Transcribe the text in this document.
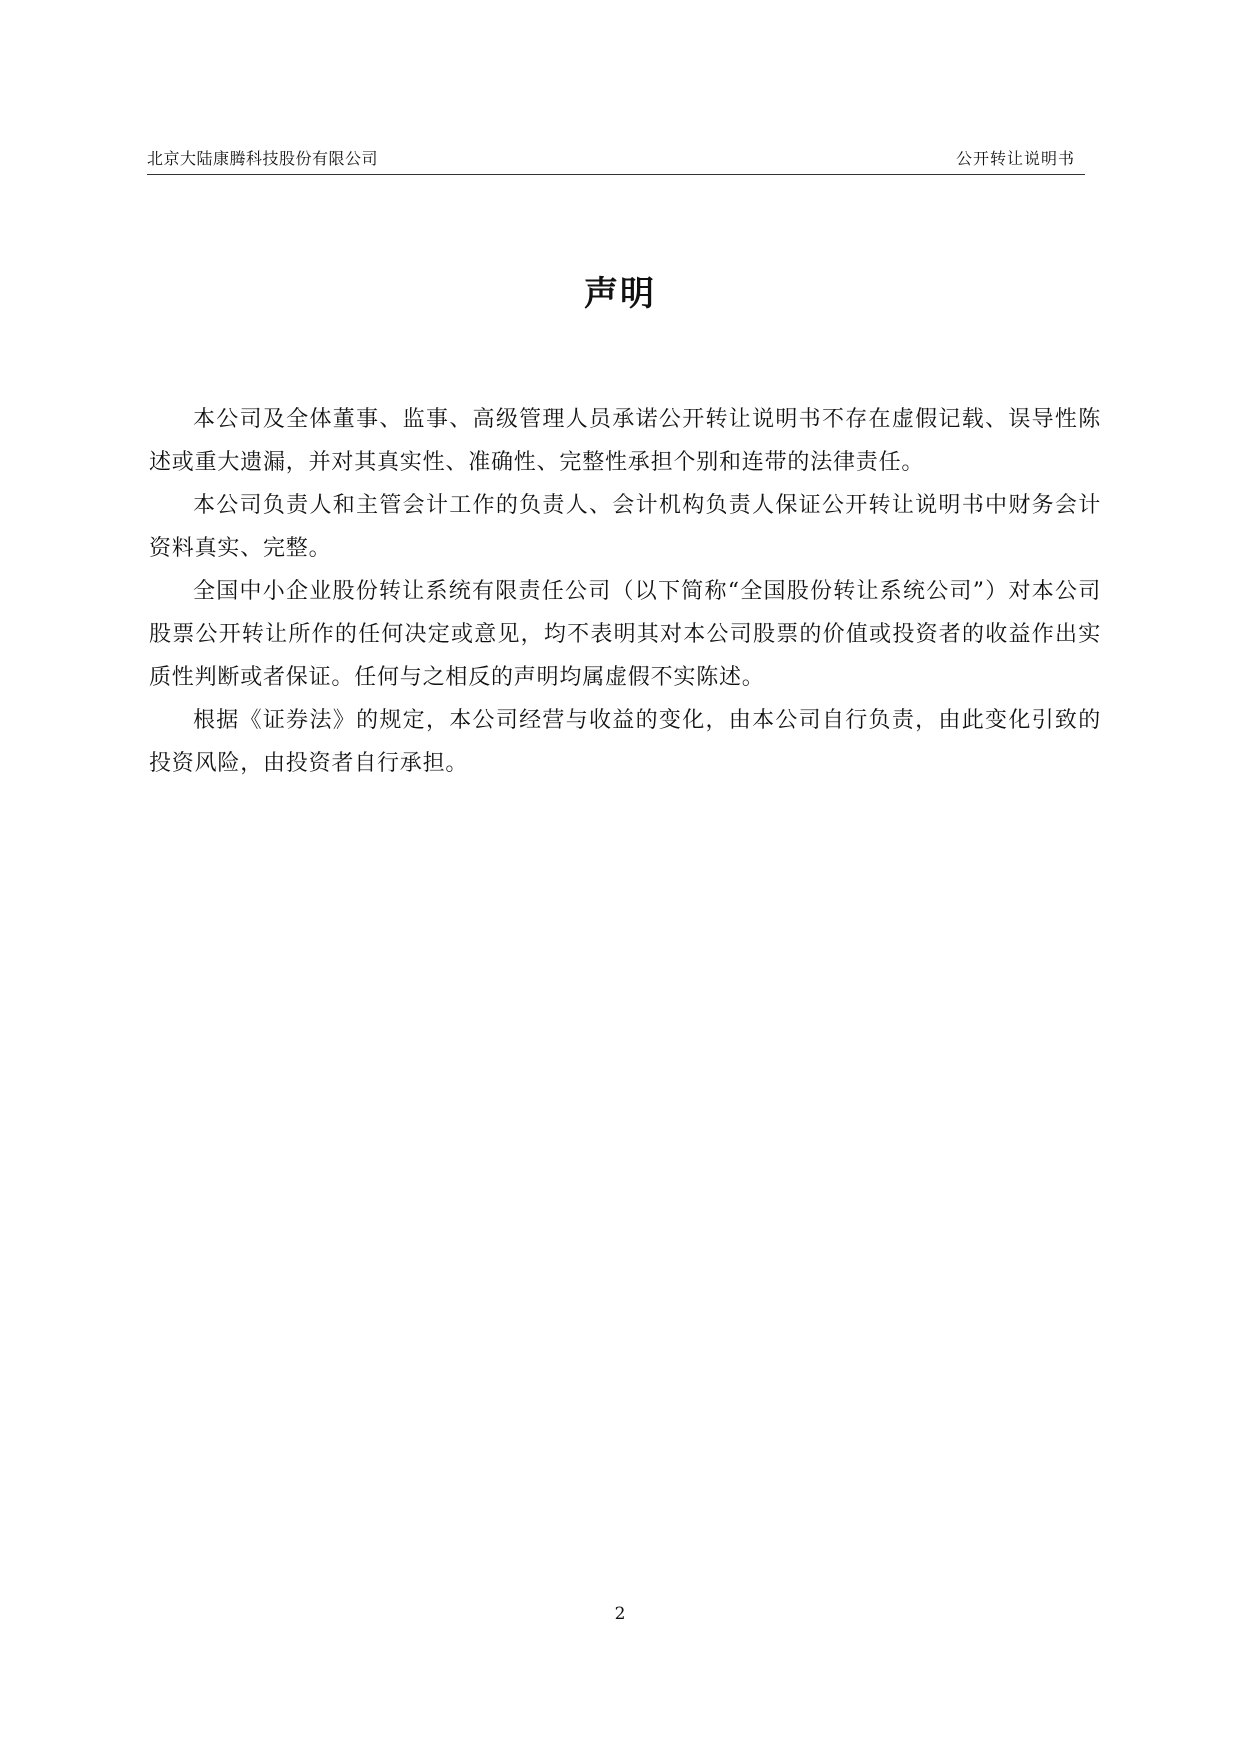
北京大陆康腾科技股份有限公司	公开转让说明书
声明

本公司及全体董事、监事、高级管理人员承诺公开转让说明书不存在虚假记载、误导性陈述或重大遗漏，并对其真实性、准确性、完整性承担个别和连带的法律责任。

本公司负责人和主管会计工作的负责人、会计机构负责人保证公开转让说明书中财务会计资料真实、完整。

全国中小企业股份转让系统有限责任公司（以下简称“全国股份转让系统公司”）对本公司股票公开转让所作的任何决定或意见，均不表明其对本公司股票的价值或投资者的收益作出实质性判断或者保证。任何与之相反的声明均属虚假不实陈述。

根据《证券法》的规定，本公司经营与收益的变化，由本公司自行负责，由此变化引致的投资风险，由投资者自行承担。

2
